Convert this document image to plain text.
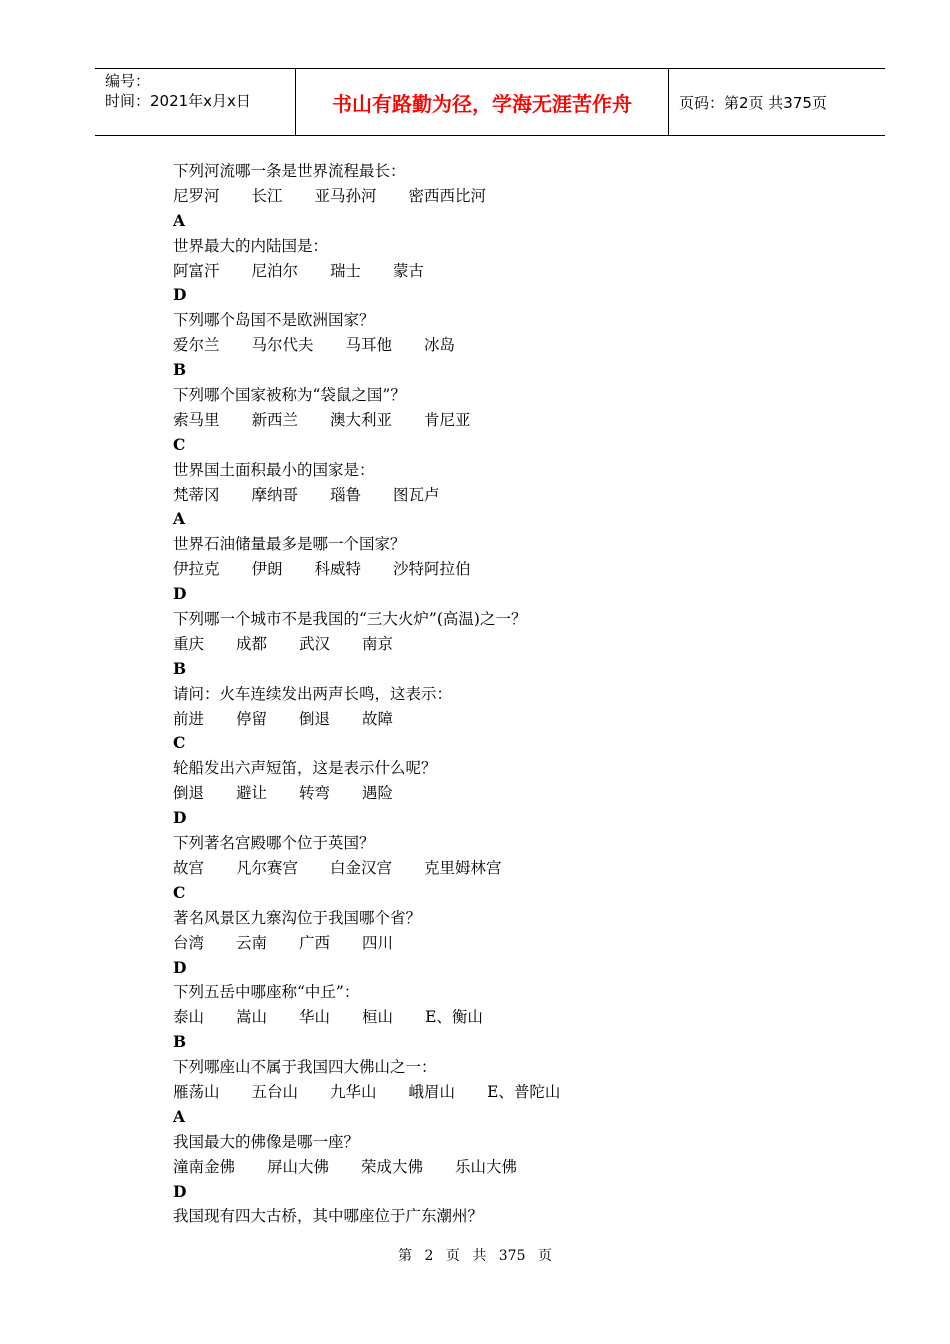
编号：
时间：2021年x月x日	书山有路勤为径，学海无涯苦作舟	页码：第2页 共375页
下列河流哪一条是世界流程最长：
尼罗河 长江 亚马孙河 密西西比河
A
世界最大的内陆国是：
阿富汗 尼泊尔 瑞士 蒙古
D
下列哪个岛国不是欧洲国家？
爱尔兰 马尔代夫 马耳他 冰岛
B
下列哪个国家被称为“袋鼠之国”？
索马里 新西兰 澳大利亚 肯尼亚
C
世界国土面积最小的国家是：
梵蒂冈 摩纳哥 瑙鲁 图瓦卢
A
世界石油储量最多是哪一个国家？
伊拉克 伊朗 科威特 沙特阿拉伯
D
下列哪一个城市不是我国的“三大火炉”(高温)之一？
重庆 成都 武汉 南京
B
请问：火车连续发出两声长鸣，这表示：
前进 停留 倒退 故障
C
轮船发出六声短笛，这是表示什么呢？
倒退 避让 转弯 遇险
D
下列著名宫殿哪个位于英国？
故宫 凡尔赛宫 白金汉宫 克里姆林宫
C
著名风景区九寨沟位于我国哪个省？
台湾 云南 广西 四川
D
下列五岳中哪座称“中丘”：
泰山 嵩山 华山 桓山 E、衡山
B
下列哪座山不属于我国四大佛山之一：
雁荡山 五台山 九华山 峨眉山 E、普陀山
A
我国最大的佛像是哪一座？
潼南金佛 屏山大佛 荣成大佛 乐山大佛
D
我国现有四大古桥，其中哪座位于广东潮州？
第 2 页 共 375 页
